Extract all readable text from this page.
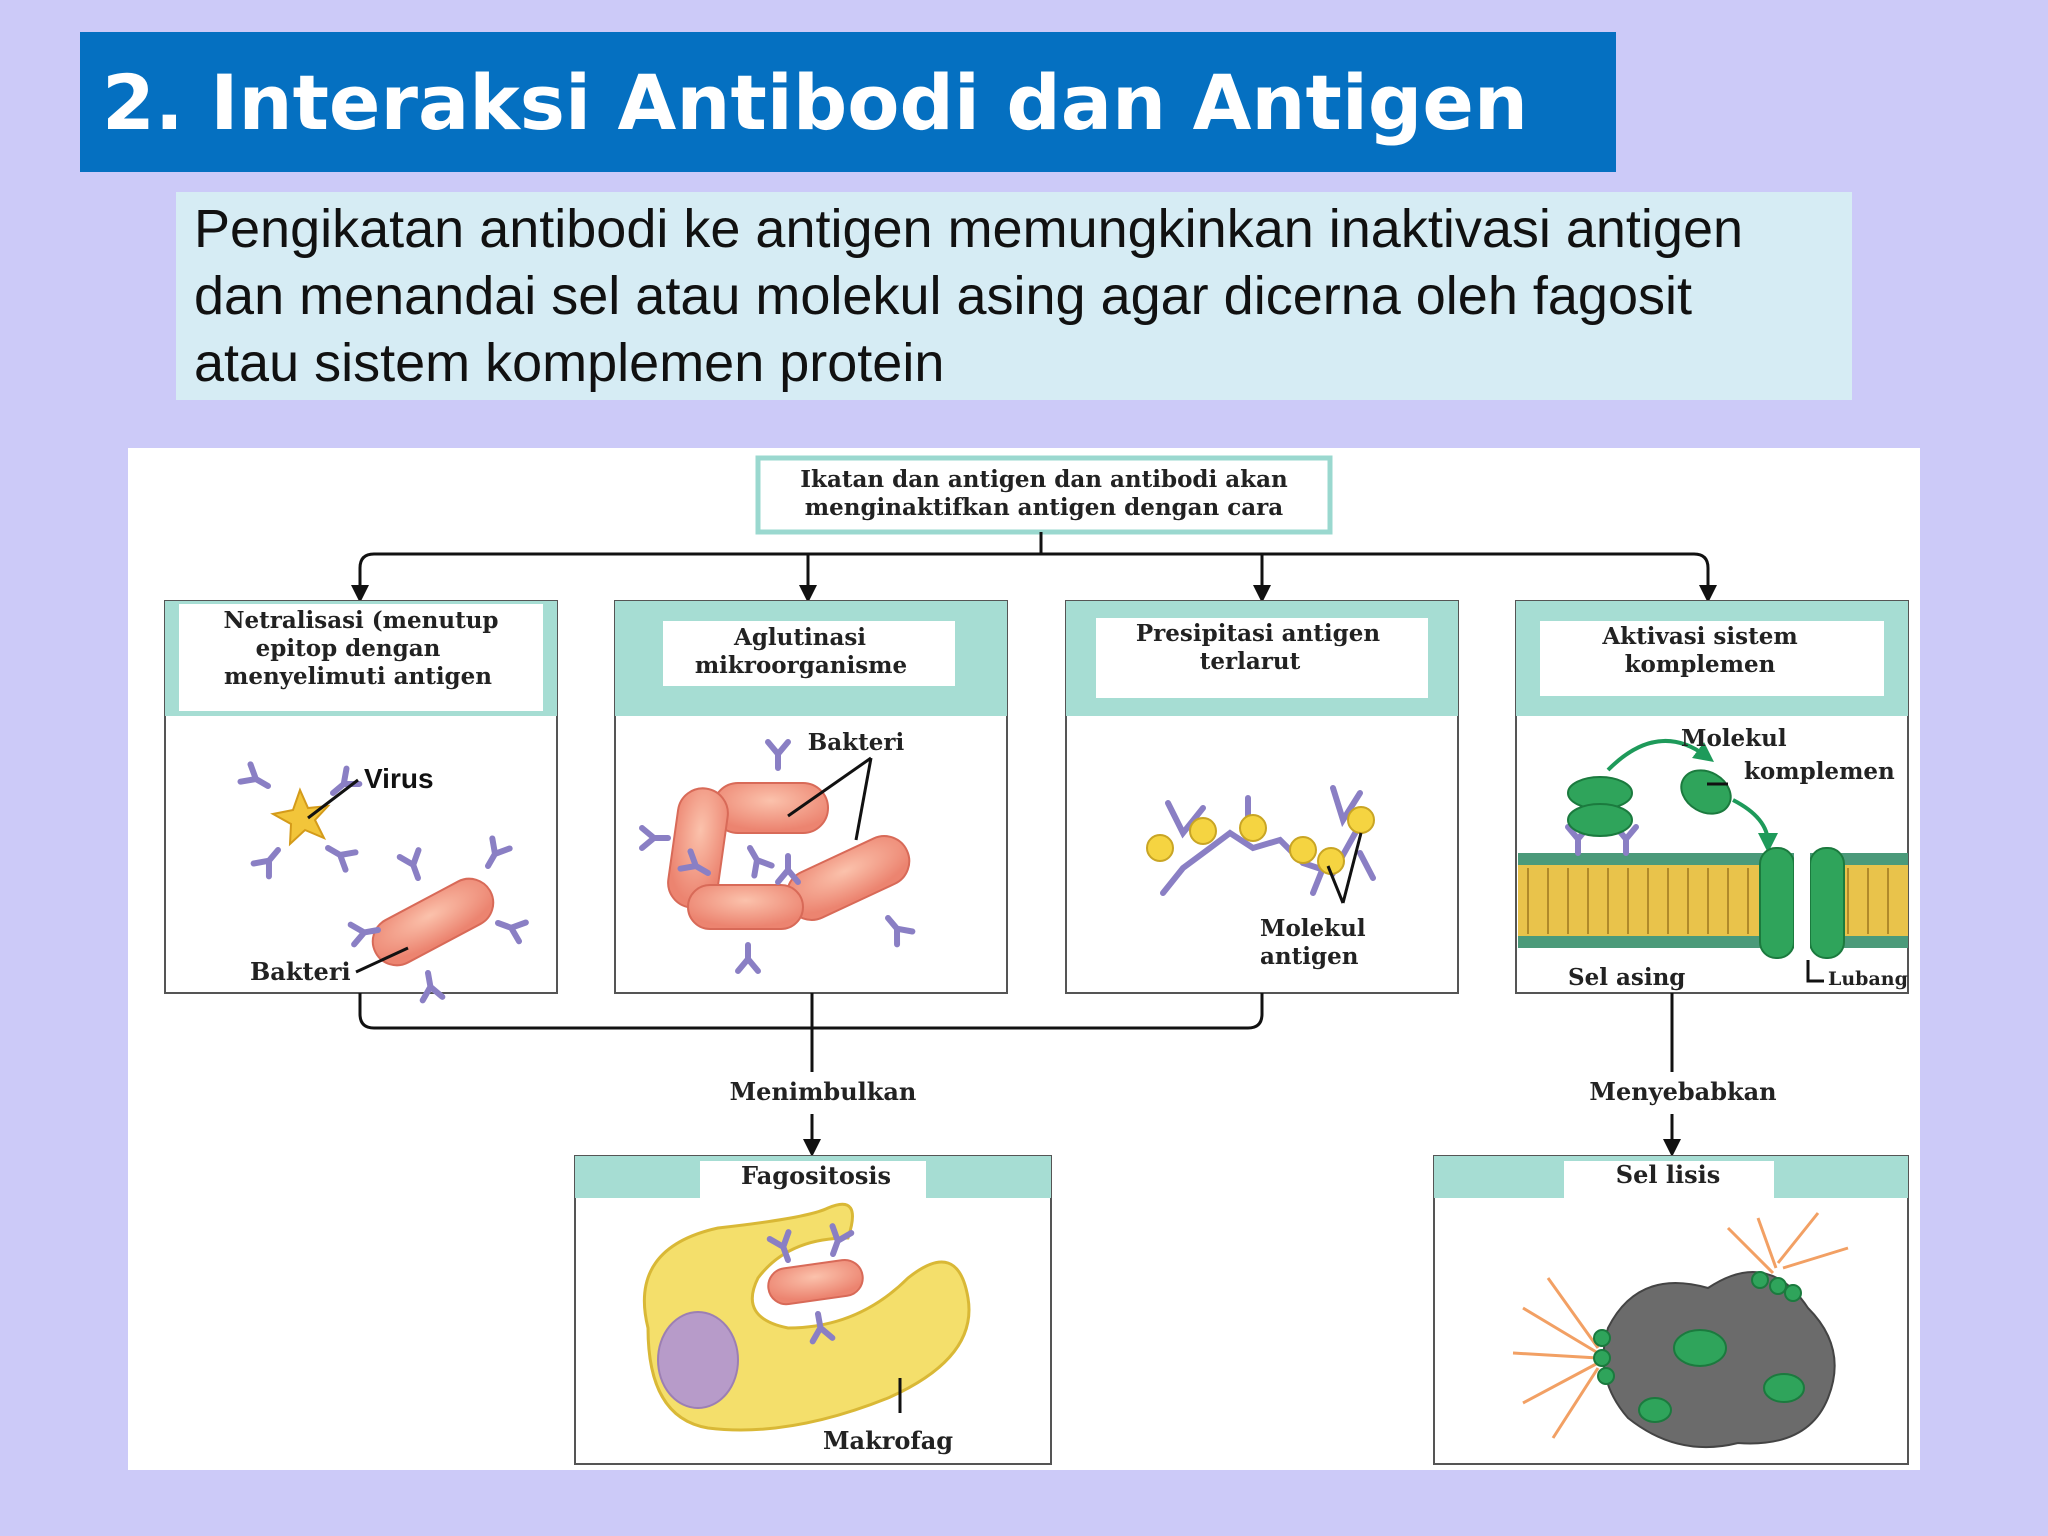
2. Interaksi Antibodi dan Antigen

Pengikatan antibodi ke antigen memungkinkan inaktivasi antigen
dan menandai sel atau molekul asing agar dicerna oleh fagosit
atau sistem komplemen protein

Ikatan dan antigen dan antibodi akan
menginaktifkan antigen dengan cara
Netralisasi (menutup
epitop dengan
menyelimuti antigen
Virus
Bakteri
Aglutinasi
mikroorganisme
Bakteri
Presipitasi antigen
terlarut
Molekul
antigen
Aktivasi sistem
komplemen
Molekul
komplemen
Sel asing	Lubang
Menimbulkan	Menyebabkan
Fagositosis
Makrofag
Sel lisis
